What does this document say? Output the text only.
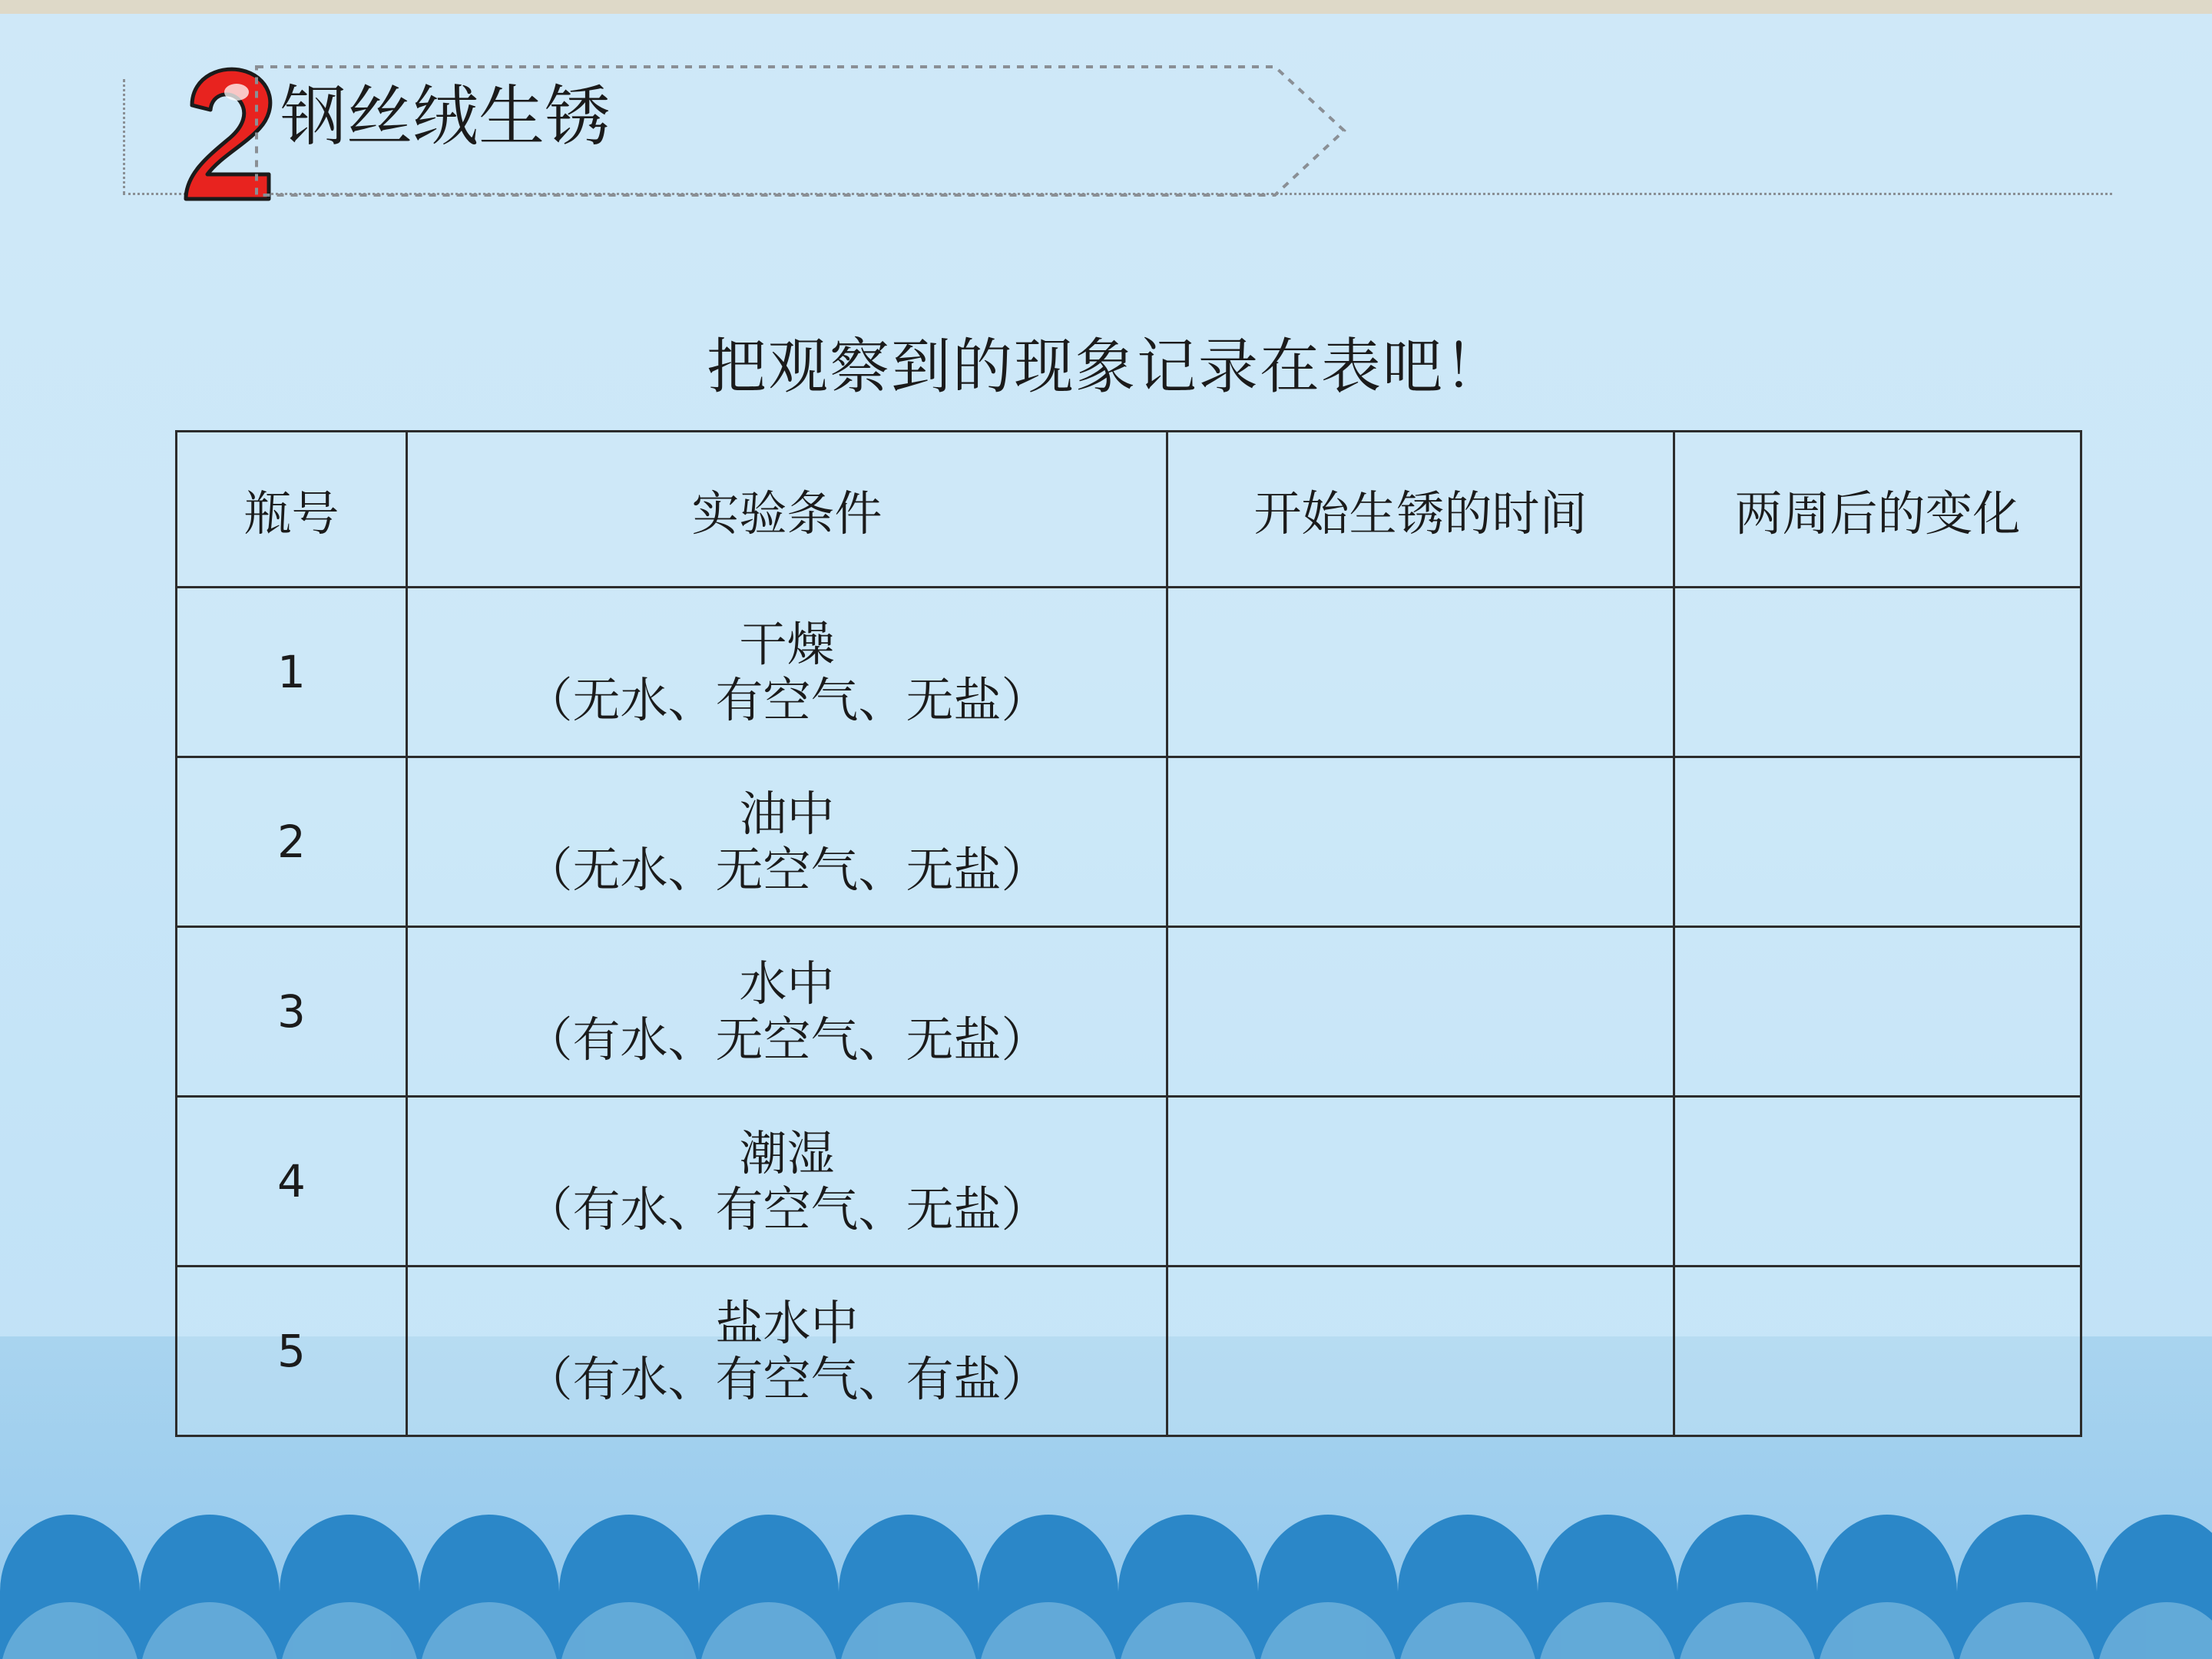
钢丝绒生锈
把观察到的现象记录在表吧！
瓶号	实验条件	开始生锈的时间	两周后的变化
1	干燥
（无水、有空气、无盐）		

2	油中
（无水、无空气、无盐）		

3	水中
（有水、无空气、无盐）		

4	潮湿
（有水、有空气、无盐）		

5	盐水中
（有水、有空气、有盐）		
